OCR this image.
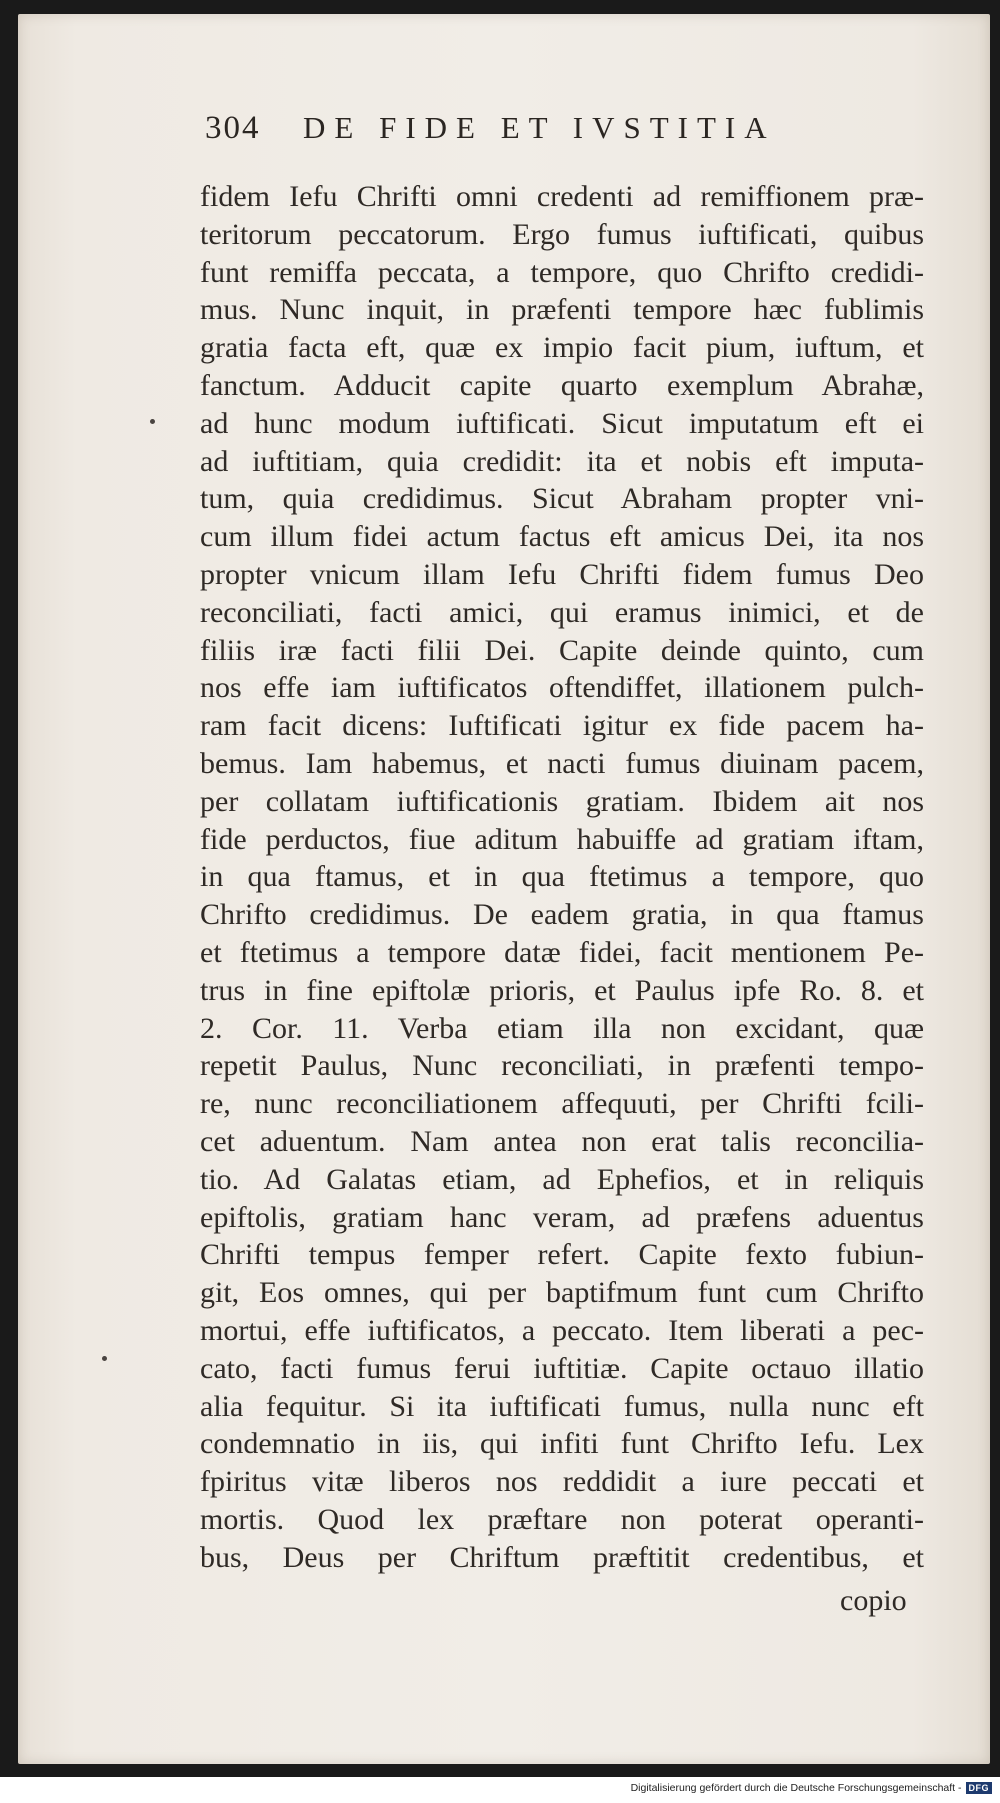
304 DE FIDE ET IVSTITIA
fidem Iefu Chrifti omni credenti ad remiffionem præ-
teritorum peccatorum. Ergo fumus iuftificati, quibus
funt remiffa peccata, a tempore, quo Chrifto credidi-
mus. Nunc inquit, in præfenti tempore hæc fublimis
gratia facta eft, quæ ex impio facit pium, iuftum, et
fanctum. Adducit capite quarto exemplum Abrahæ,
ad hunc modum iuftificati. Sicut imputatum eft ei
ad iuftitiam, quia credidit: ita et nobis eft imputa-
tum, quia credidimus. Sicut Abraham propter vni-
cum illum fidei actum factus eft amicus Dei, ita nos
propter vnicum illam Iefu Chrifti fidem fumus Deo
reconciliati, facti amici, qui eramus inimici, et de
filiis iræ facti filii Dei. Capite deinde quinto, cum
nos effe iam iuftificatos oftendiffet, illationem pulch-
ram facit dicens: Iuftificati igitur ex fide pacem ha-
bemus. Iam habemus, et nacti fumus diuinam pacem,
per collatam iuftificationis gratiam. Ibidem ait nos
fide perductos, fiue aditum habuiffe ad gratiam iftam,
in qua ftamus, et in qua ftetimus a tempore, quo
Chrifto credidimus. De eadem gratia, in qua ftamus
et ftetimus a tempore datæ fidei, facit mentionem Pe-
trus in fine epiftolæ prioris, et Paulus ipfe Ro. 8. et
2. Cor. 11. Verba etiam illa non excidant, quæ
repetit Paulus, Nunc reconciliati, in præfenti tempo-
re, nunc reconciliationem affequuti, per Chrifti fcili-
cet aduentum. Nam antea non erat talis reconcilia-
tio. Ad Galatas etiam, ad Ephefios, et in reliquis
epiftolis, gratiam hanc veram, ad præfens aduentus
Chrifti tempus femper refert. Capite fexto fubiun-
git, Eos omnes, qui per baptifmum funt cum Chrifto
mortui, effe iuftificatos, a peccato. Item liberati a pec-
cato, facti fumus ferui iuftitiæ. Capite octauo illatio
alia fequitur. Si ita iuftificati fumus, nulla nunc eft
condemnatio in iis, qui infiti funt Chrifto Iefu. Lex
fpiritus vitæ liberos nos reddidit a iure peccati et
mortis. Quod lex præftare non poterat operanti-
bus, Deus per Chriftum præftitit credentibus, et
copio
Digitalisierung gefördert durch die Deutsche Forschungsgemeinschaft - DFG
